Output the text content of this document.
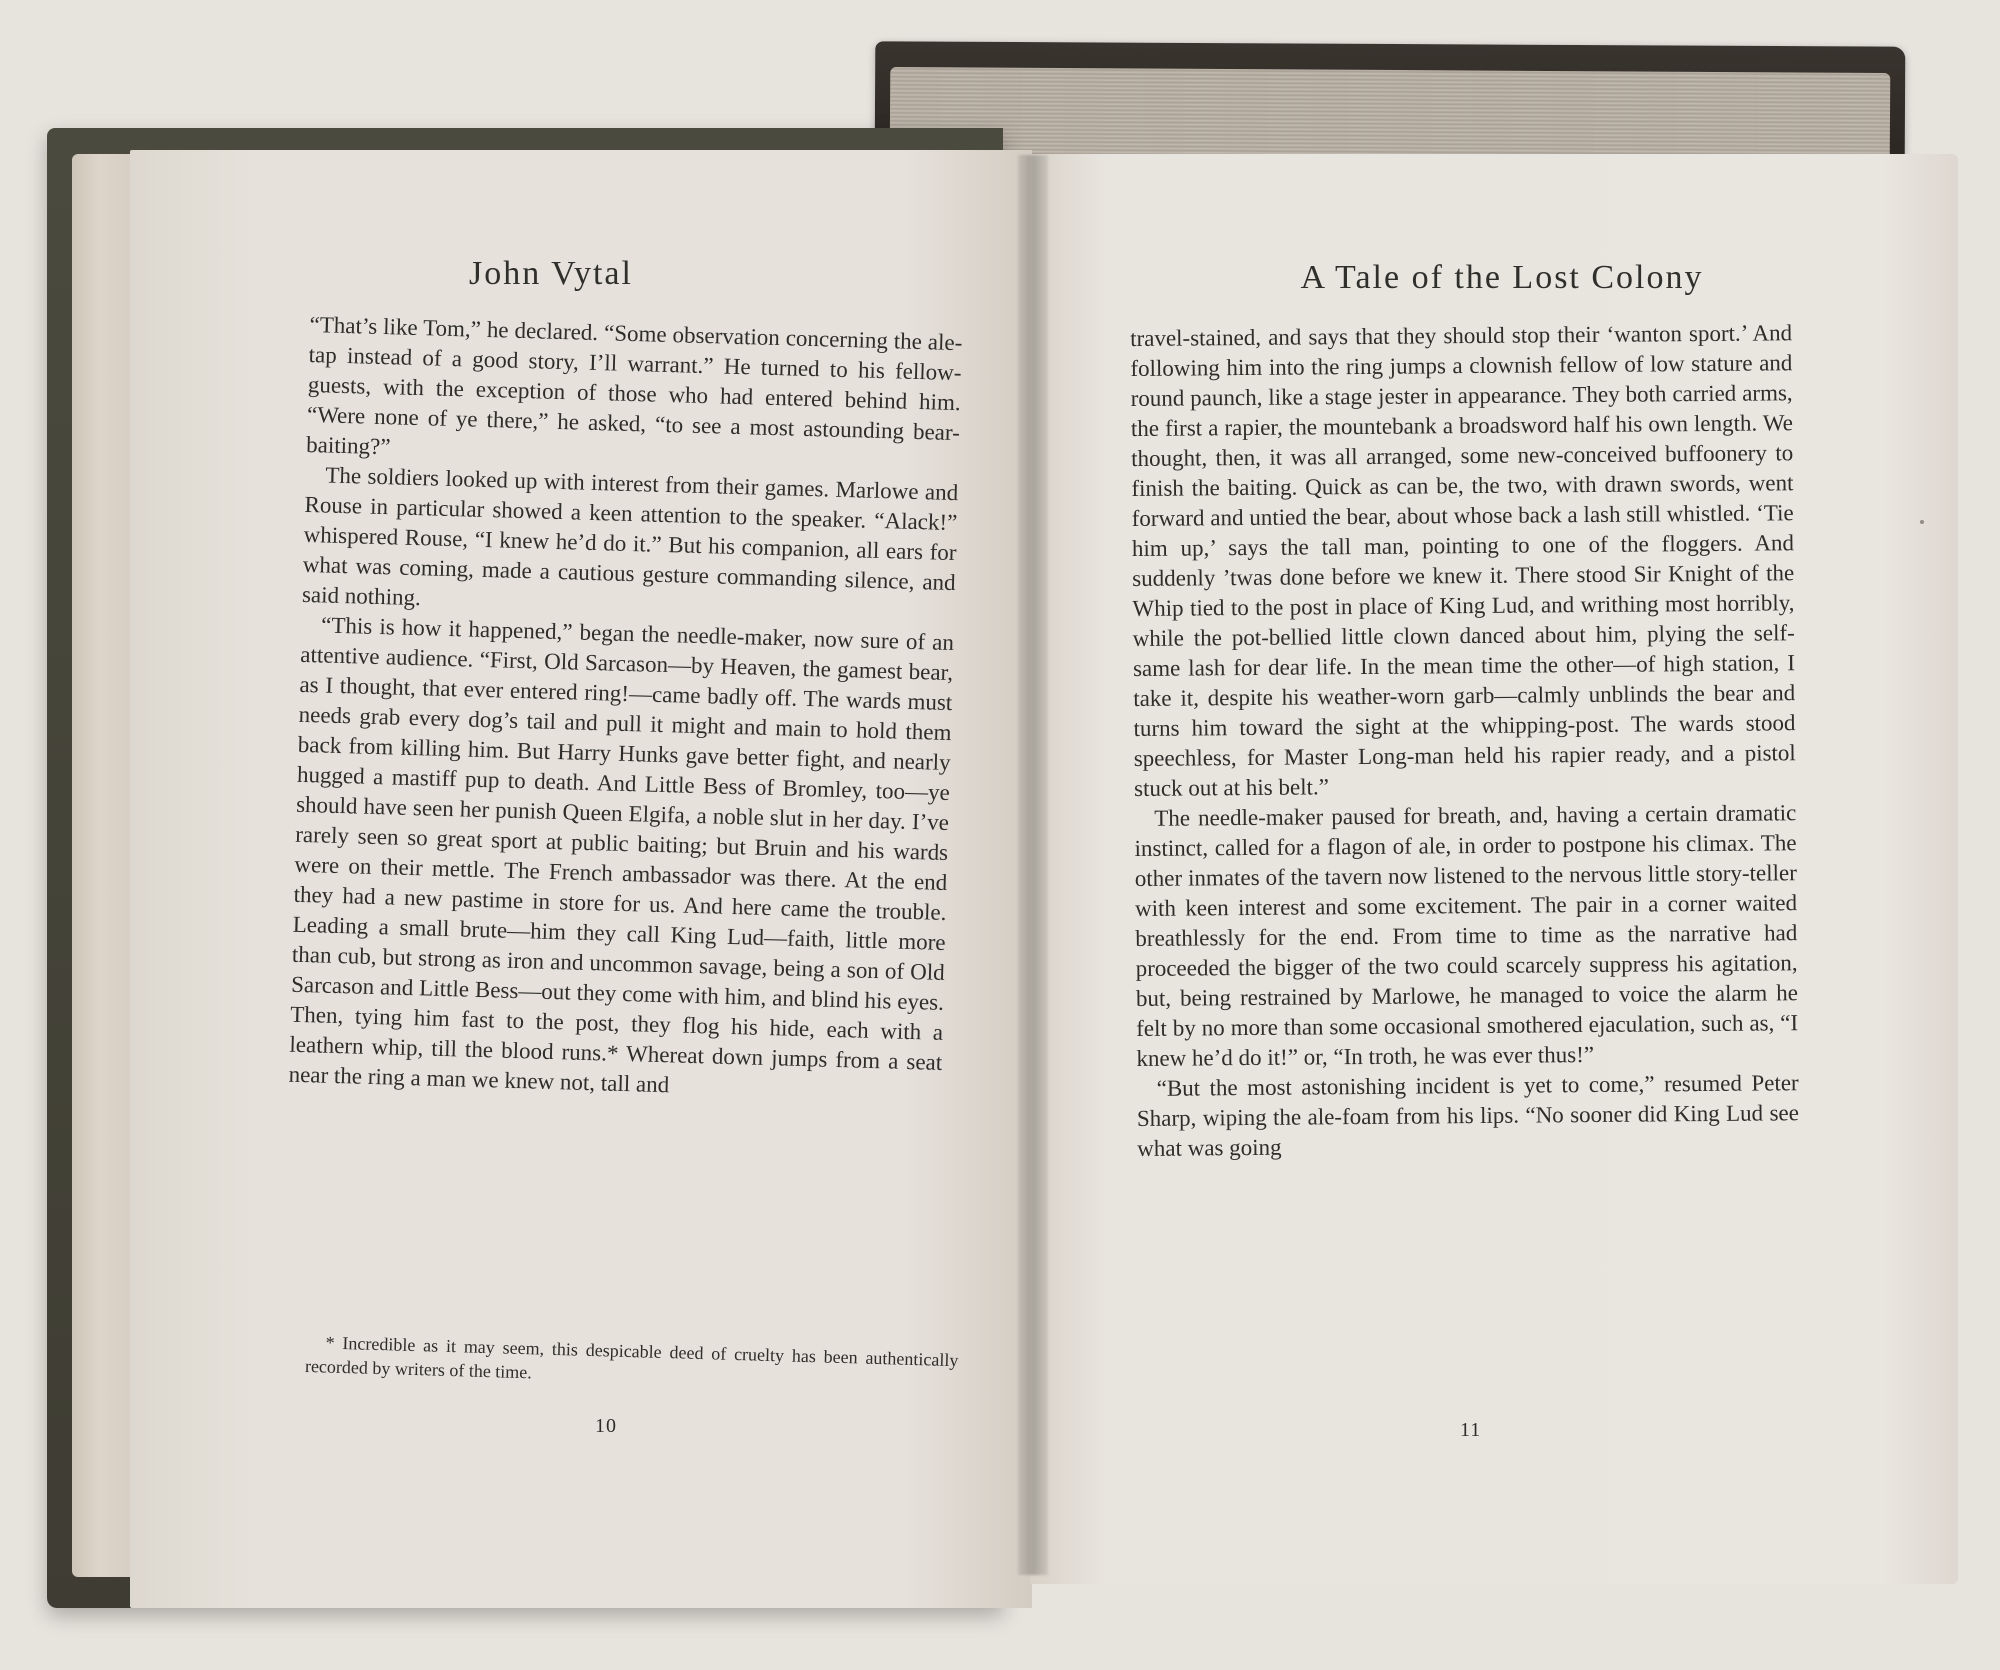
John Vytal

“That’s like Tom,” he declared. “Some observation concerning the ale-tap instead of a good story, I’ll warrant.” He turned to his fellow-guests, with the exception of those who had entered behind him. “Were none of ye there,” he asked, “to see a most astounding bear-baiting?”

The soldiers looked up with interest from their games. Marlowe and Rouse in particular showed a keen attention to the speaker. “Alack!” whispered Rouse, “I knew he’d do it.” But his companion, all ears for what was coming, made a cautious gesture commanding silence, and said nothing.

“This is how it happened,” began the needle-maker, now sure of an attentive audience. “First, Old Sarcason—by Heaven, the gamest bear, as I thought, that ever entered ring!—came badly off. The wards must needs grab every dog’s tail and pull it might and main to hold them back from killing him. But Harry Hunks gave better fight, and nearly hugged a mastiff pup to death. And Little Bess of Bromley, too—ye should have seen her punish Queen Elgifa, a noble slut in her day. I’ve rarely seen so great sport at public baiting; but Bruin and his wards were on their mettle. The French ambassador was there. At the end they had a new pastime in store for us. And here came the trouble. Leading a small brute—him they call King Lud—faith, little more than cub, but strong as iron and uncommon savage, being a son of Old Sarcason and Little Bess—out they come with him, and blind his eyes. Then, tying him fast to the post, they flog his hide, each with a leathern whip, till the blood runs.* Whereat down jumps from a seat near the ring a man we knew not, tall and

* Incredible as it may seem, this despicable deed of cruelty has been authentically recorded by writers of the time.
10
A Tale of the Lost Colony

travel-stained, and says that they should stop their ‘wanton sport.’ And following him into the ring jumps a clownish fellow of low stature and round paunch, like a stage jester in appearance. They both carried arms, the first a rapier, the mountebank a broadsword half his own length. We thought, then, it was all arranged, some new-conceived buffoonery to finish the baiting. Quick as can be, the two, with drawn swords, went forward and untied the bear, about whose back a lash still whistled. ‘Tie him up,’ says the tall man, pointing to one of the floggers. And suddenly ’twas done before we knew it. There stood Sir Knight of the Whip tied to the post in place of King Lud, and writhing most horribly, while the pot-bellied little clown danced about him, plying the self-same lash for dear life. In the mean time the other—of high station, I take it, despite his weather-worn garb—calmly unblinds the bear and turns him toward the sight at the whipping-post. The wards stood speechless, for Master Long-man held his rapier ready, and a pistol stuck out at his belt.”

The needle-maker paused for breath, and, having a certain dramatic instinct, called for a flagon of ale, in order to postpone his climax. The other inmates of the tavern now listened to the nervous little story-teller with keen interest and some excitement. The pair in a corner waited breathlessly for the end. From time to time as the narrative had proceeded the bigger of the two could scarcely suppress his agitation, but, being restrained by Marlowe, he managed to voice the alarm he felt by no more than some occasional smothered ejaculation, such as, “I knew he’d do it!” or, “In troth, he was ever thus!”

“But the most astonishing incident is yet to come,” resumed Peter Sharp, wiping the ale-foam from his lips. “No sooner did King Lud see what was going

11
